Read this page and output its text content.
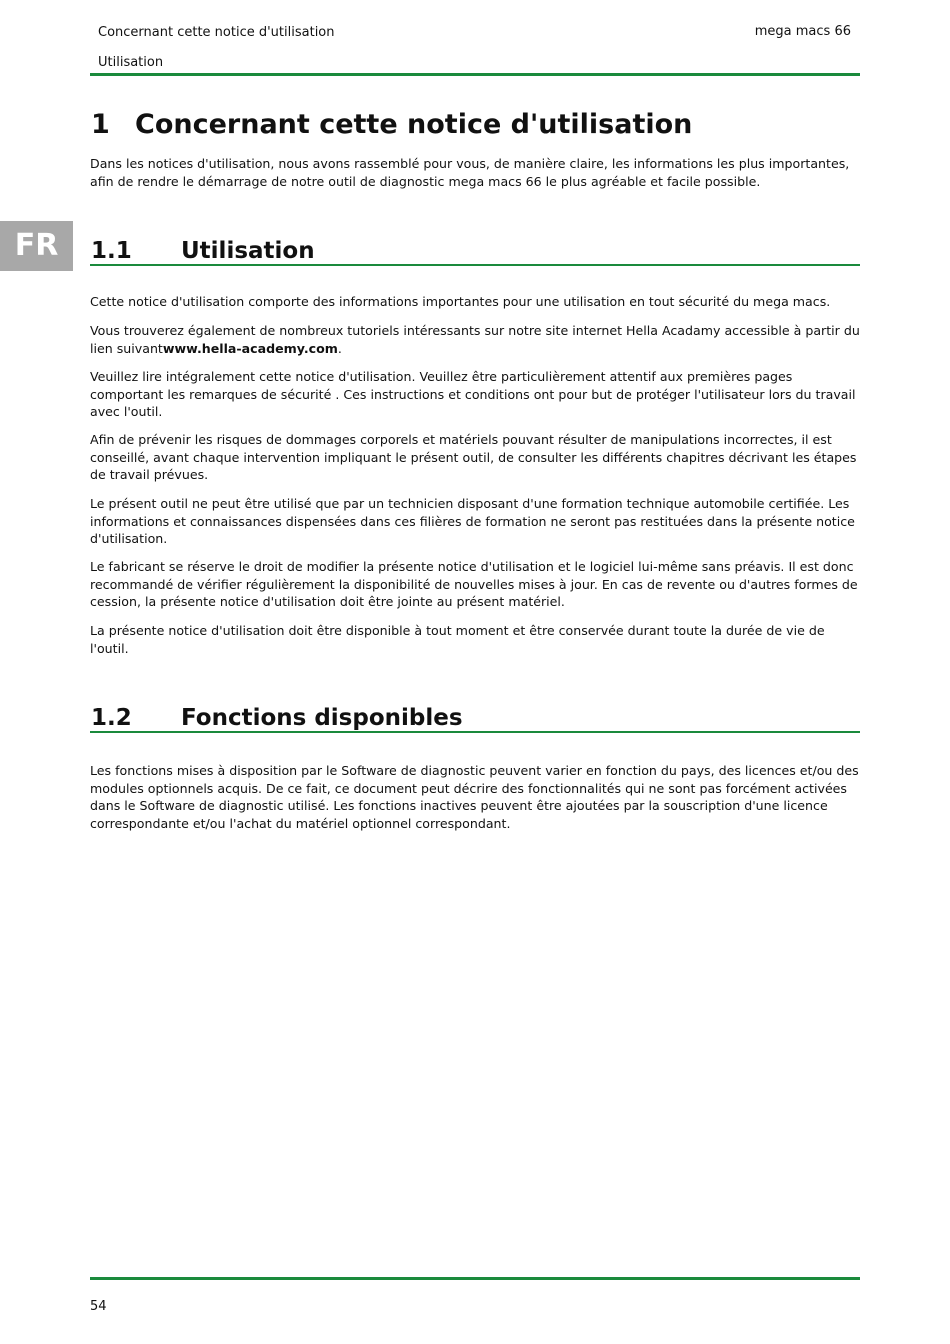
Concernant cette notice d'utilisation
Utilisation
mega macs 66
FR
1 Concernant cette notice d'utilisation

Dans les notices d'utilisation, nous avons rassemblé pour vous, de manière claire, les informations les plus importantes, afin de rendre le démarrage de notre outil de diagnostic mega macs 66 le plus agréable et facile possible.

1.1 Utilisation

Cette notice d'utilisation comporte des informations importantes pour une utilisation en tout sécurité du mega macs.

Vous trouverez également de nombreux tutoriels intéressants sur notre site internet Hella Acadamy accessible à partir du lien suivantwww.hella-academy.com.

Veuillez lire intégralement cette notice d'utilisation. Veuillez être particulièrement attentif aux premières pages comportant les remarques de sécurité . Ces instructions et conditions ont pour but de protéger l'utilisateur lors du travail avec l'outil.

Afin de prévenir les risques de dommages corporels et matériels pouvant résulter de manipulations incorrectes, il est conseillé, avant chaque intervention impliquant le présent outil, de consulter les différents chapitres décrivant les étapes de travail prévues.

Le présent outil ne peut être utilisé que par un technicien disposant d'une formation technique automobile certifiée. Les informations et connaissances dispensées dans ces filières de formation ne seront pas restituées dans la présente notice d'utilisation.

Le fabricant se réserve le droit de modifier la présente notice d'utilisation et le logiciel lui-même sans préavis. Il est donc recommandé de vérifier régulièrement la disponibilité de nouvelles mises à jour. En cas de revente ou d'autres formes de cession, la présente notice d'utilisation doit être jointe au présent matériel.

La présente notice d'utilisation doit être disponible à tout moment et être conservée durant toute la durée de vie de l'outil.

1.2 Fonctions disponibles

Les fonctions mises à disposition par le Software de diagnostic peuvent varier en fonction du pays, des licences et/ou des modules optionnels acquis. De ce fait, ce document peut décrire des fonctionnalités qui ne sont pas forcément activées dans le Software de diagnostic utilisé. Les fonctions inactives peuvent être ajoutées par la souscription d'une licence correspondante et/ou l'achat du matériel optionnel correspondant.

54
